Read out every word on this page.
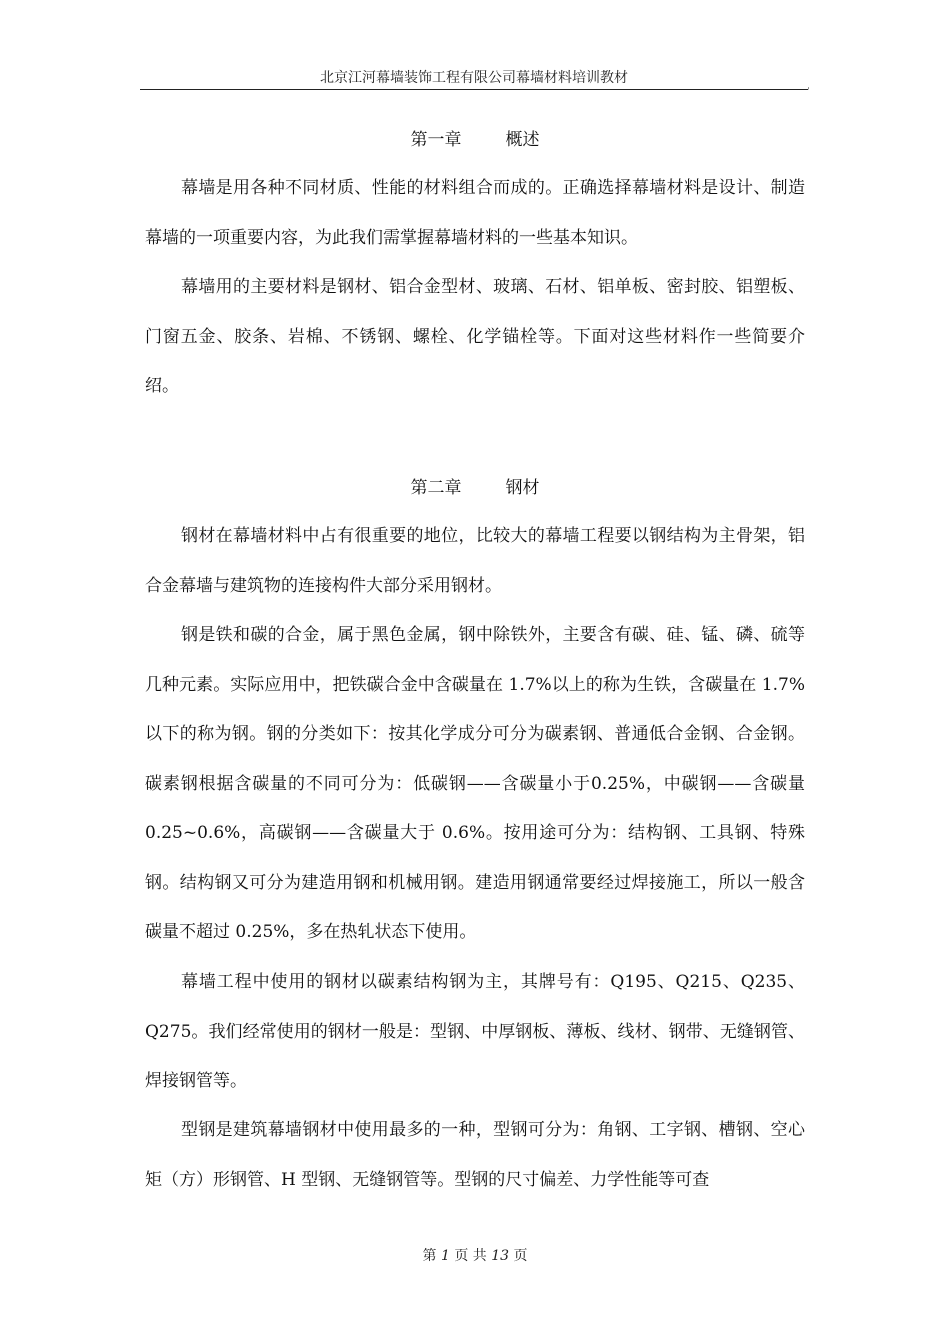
北京江河幕墙装饰工程有限公司幕墙材料培训教材	ˌ
第一章	概述

幕墙是用各种不同材质、性能的材料组合而成的。正确选择幕墙材料是设计、制造幕墙的一项重要内容，为此我们需掌握幕墙材料的一些基本知识。

幕墙用的主要材料是钢材、铝合金型材、玻璃、石材、铝单板、密封胶、铝塑板、门窗五金、胶条、岩棉、不锈钢、螺栓、化学锚栓等。下面对这些材料作一些简要介绍。

第二章	钢材

钢材在幕墙材料中占有很重要的地位，比较大的幕墙工程要以钢结构为主骨架，铝合金幕墙与建筑物的连接构件大部分采用钢材。

钢是铁和碳的合金，属于黑色金属，钢中除铁外，主要含有碳、硅、锰、磷、硫等几种元素。实际应用中，把铁碳合金中含碳量在 1.7%以上的称为生铁，含碳量在 1.7%以下的称为钢。钢的分类如下：按其化学成分可分为碳素钢、普通低合金钢、合金钢。碳素钢根据含碳量的不同可分为：低碳钢——含碳量小于0.25%，中碳钢——含碳量0.25~0.6%，高碳钢——含碳量大于 0.6%。按用途可分为：结构钢、工具钢、特殊钢。结构钢又可分为建造用钢和机械用钢。建造用钢通常要经过焊接施工，所以一般含碳量不超过 0.25%，多在热轧状态下使用。

幕墙工程中使用的钢材以碳素结构钢为主，其牌号有：Q195、Q215、Q235、Q275。我们经常使用的钢材一般是：型钢、中厚钢板、薄板、线材、钢带、无缝钢管、焊接钢管等。

型钢是建筑幕墙钢材中使用最多的一种，型钢可分为：角钢、工字钢、槽钢、空心矩（方）形钢管、H 型钢、无缝钢管等。型钢的尺寸偏差、力学性能等可查

第 1 页 共 13 页
